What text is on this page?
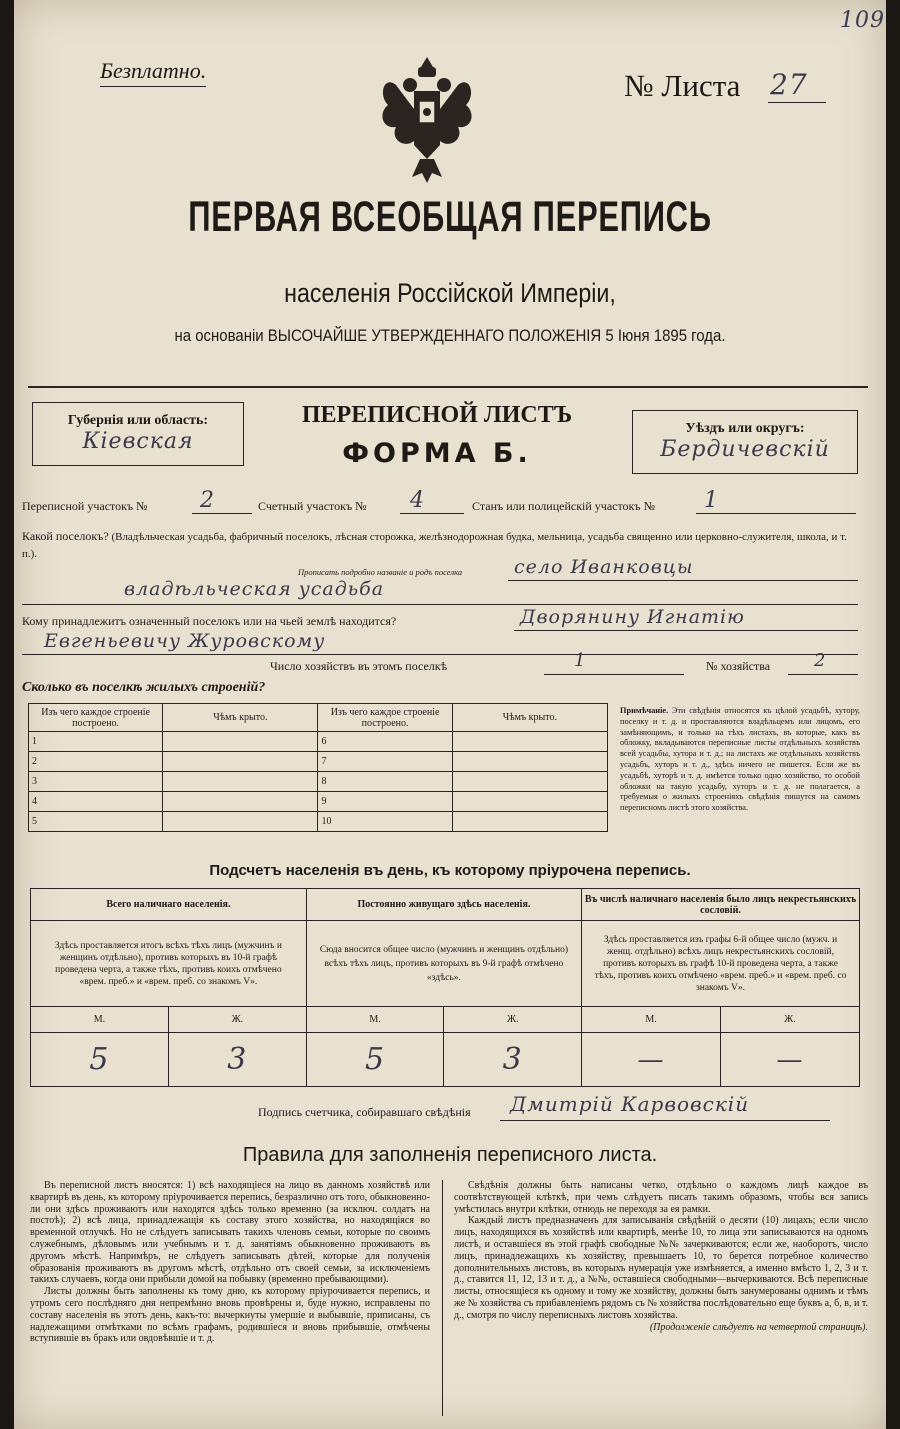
109
Безплатно.	№ Листа 27
ПЕРВАЯ ВСЕОБЩАЯ ПЕРЕПИСЬ
населенія Россійской Имперіи,
на основаніи ВЫСОЧАЙШЕ УТВЕРЖДЕННАГО ПОЛОЖЕНІЯ 5 Іюня 1895 года.
Губернія или область:
Кіевская
ПЕРЕПИСНОЙ ЛИСТЪ
ФОРМА Б.
Уѣздъ или округъ:
Бердичевскій
Переписной участокъ № 2	Счетный участокъ № 4	Станъ или полицейскій участокъ № 1
Какой поселокъ? (Владѣльческая усадьба, фабричный поселокъ, лѣсная сторожка, желѣзнодорожная будка, мельница, усадьба священно или церковно-служителя, школа, и т. п.).
Прописать подробно названіе и родъ поселка	село Иванковцы
владѣльческая усадьба
Кому принадлежитъ означенный поселокъ или на чьей землѣ находится?	Дворянину Игнатію
Евгеньевичу Журовскому
Число хозяйствъ въ этомъ поселкѣ	1	№ хозяйства 2
Сколько въ поселкѣ жилыхъ строеній?
Изъ чего каждое строеніе построено.	Чѣмъ крыто.	Изъ чего каждое строеніе построено.	Чѣмъ крыто.
1		6	
2		7	
3		8	
4		9	
5		10	
Примѣчаніе. Эти свѣдѣнія относятся къ цѣлой усадьбѣ, хутору, поселку и т. д. и проставляются владѣльцемъ или лицомъ, его замѣняющимъ, и только на тѣхъ листахъ, въ которые, какъ въ обложку, вкладываются переписные листы отдѣльныхъ хозяйствъ всей усадьбы, хутора и т. д.; на листахъ же отдѣльныхъ хозяйствъ усадьбъ, хуторъ и т. д., здѣсь ничего не пишется. Если же въ усадьбѣ, хуторѣ и т. д. имѣется только одно хозяйство, то особой обложки на такую усадьбу, хуторъ и т. д. не полагается, а требуемыя о жилыхъ строеніяхъ свѣдѣнія пишутся на самомъ переписномъ листѣ этого хозяйства.
Подсчетъ населенія въ день, къ которому пріурочена перепись.
Всего наличнаго населенія.		Постоянно живущаго здѣсь населенія.		Въ числѣ наличнаго населенія было лицъ некрестьянскихъ сословій.	
Здѣсь проставляется итогъ всѣхъ тѣхъ лицъ (мужчинъ и женщинъ отдѣльно), противъ которыхъ въ 10-й графѣ проведена черта, а также тѣхъ, противъ коихъ отмѣчено «врем. преб.» и «врем. преб. со знакомъ V».		Сюда вносится общее число (мужчинъ и женщинъ отдѣльно) всѣхъ тѣхъ лицъ, противъ которыхъ въ 9-й графѣ отмѣчено «здѣсь».		Здѣсь проставляется изъ графы 6-й общее число (мужч. и женщ. отдѣльно) всѣхъ лицъ некрестьянскихъ сословій, противъ которыхъ въ графѣ 10-й проведена черта, а также тѣхъ, противъ коихъ отмѣчено «врем. преб.» и «врем. преб. со знакомъ V».	
М.	Ж.	М.	Ж.	М.	Ж.
5	3	5	3	—	—
Подпись счетчика, собиравшаго свѣдѣнія Дмитрій Карвовскій
Правила для заполненія переписного листа.

Въ переписной листъ вносятся: 1) всѣ находящіеся на лицо въ данномъ хозяйствѣ или квартирѣ въ день, къ которому пріурочивается перепись, безразлично отъ того, обыкновенно-ли они здѣсь проживаютъ или находятся здѣсь только временно (за исключ. солдатъ на постоѣ); 2) всѣ лица, принадлежащія къ составу этого хозяйства, но находящіяся во временной отлучкѣ. Но не слѣдуетъ записывать такихъ членовъ семьи, которые по своимъ служебнымъ, дѣловымъ или учебнымъ и т. д. занятіямъ обыкновенно проживаютъ въ другомъ мѣстѣ. Напримѣръ, не слѣдуетъ записывать дѣтей, которые для полученія образованія проживаютъ въ другомъ мѣстѣ, отдѣльно отъ своей семьи, за исключеніемъ такихъ случаевъ, когда они прибыли домой на побывку (временно пребывающими).

Листы должны быть заполнены къ тому дню, къ которому пріурочивается перепись, и утромъ сего послѣдняго дня непремѣнно вновь провѣрены и, буде нужно, исправлены по составу населенія въ этотъ день, какъ-то: вычеркнуты умершіе и выбывшіе, приписаны, съ надлежащими отмѣтками по всѣмъ графамъ, родившіеся и вновь прибывшіе, отмѣчены вступившіе въ бракъ или овдовѣвшіе и т. д.

Свѣдѣнія должны быть написаны четко, отдѣльно о каждомъ лицѣ каждое въ соотвѣтствующей клѣткѣ, при чемъ слѣдуетъ писать такимъ образомъ, чтобы вся запись умѣстилась внутри клѣтки, отнюдь не переходя за ея рамки.

Каждый листъ предназначенъ для записыванія свѣдѣній о десяти (10) лицахъ; если число лицъ, находящихся въ хозяйствѣ или квартирѣ, менѣе 10, то лица эти записываются на одномъ листѣ, и оставшіеся въ этой графѣ свободные №№ зачеркиваются; если же, наоборотъ, число лицъ, принадлежащихъ къ хозяйству, превышаетъ 10, то берется потребное количество дополнительныхъ листовъ, въ которыхъ нумерація уже измѣняется, а именно вмѣсто 1, 2, 3 и т. д., ставится 11, 12, 13 и т. д., а №№, оставшіеся свободными—вычеркиваются. Всѣ переписные листы, относящіеся къ одному и тому же хозяйству, должны быть занумерованы однимъ и тѣмъ же № хозяйства съ прибавленіемъ рядомъ съ № хозяйства послѣдовательно еще буквъ а, б, в, и т. д., смотря по числу переписныхъ листовъ хозяйства.

(Продолженіе слѣдуетъ на четвертой страницѣ).
